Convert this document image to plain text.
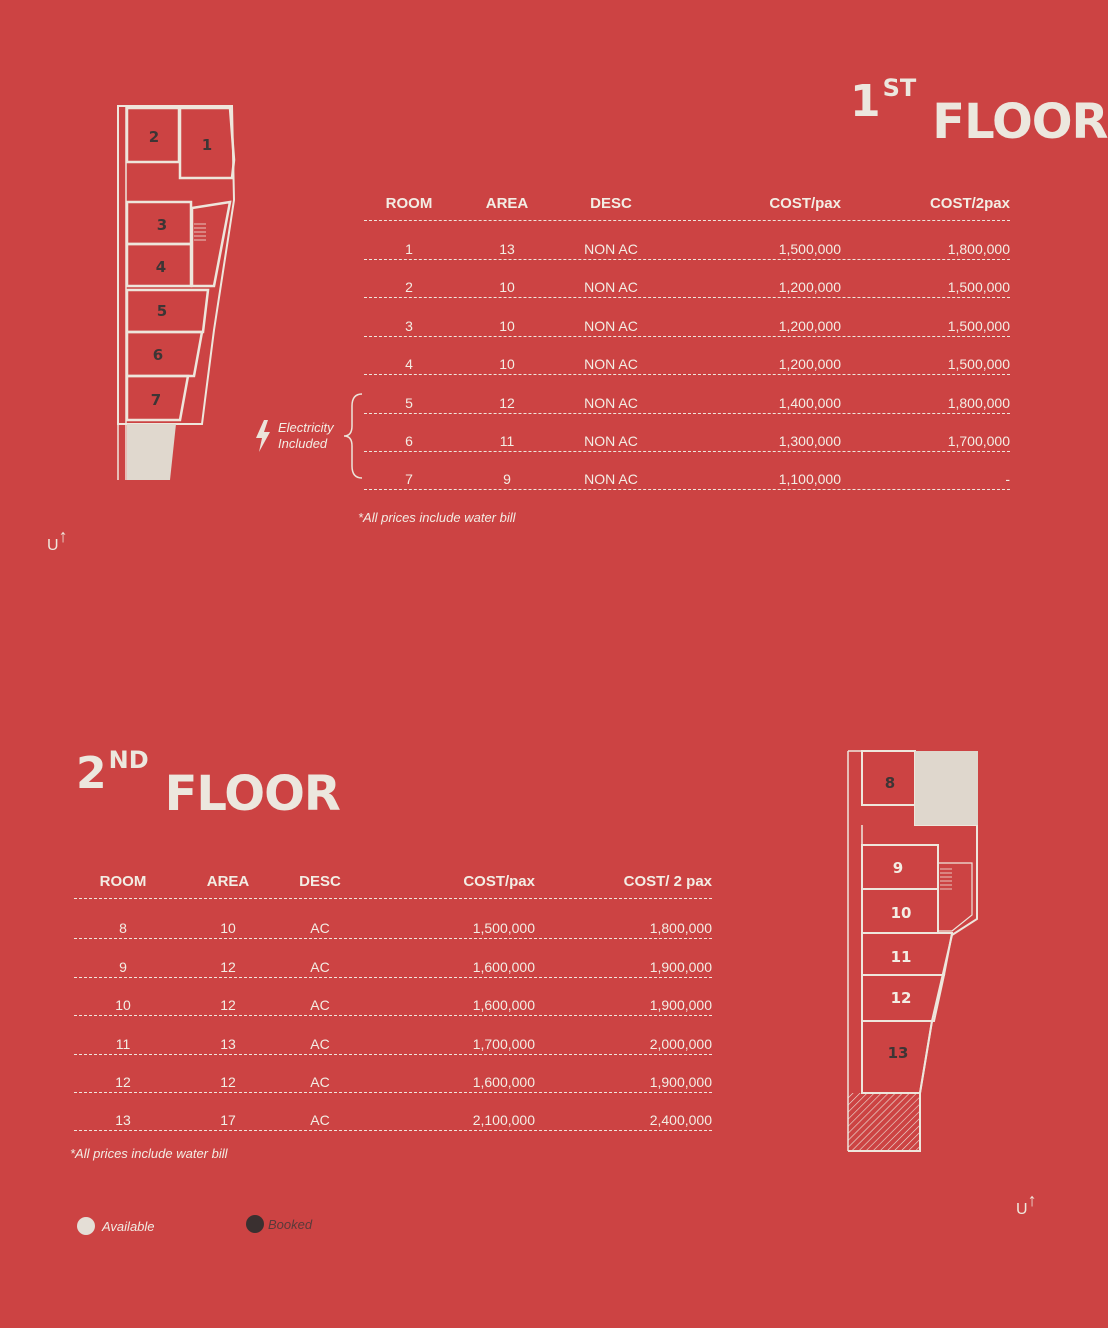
1 ST
FLOOR
2	1
3
4
5
6
7
U↑
Electricity
Included
ROOM	AREA	DESC	COST/pax	COST/2pax
1	13	NON AC	1,500,000	1,800,000
2	10	NON AC	1,200,000	1,500,000
3	10	NON AC	1,200,000	1,500,000
4	10	NON AC	1,200,000	1,500,000
5	12	NON AC	1,400,000	1,800,000
6	11	NON AC	1,300,000	1,700,000
7	9	NON AC	1,100,000	-
*All prices include water bill
2 ND
FLOOR
ROOM	AREA	DESC	COST/pax	COST/ 2 pax
8	10	AC	1,500,000	1,800,000
9	12	AC	1,600,000	1,900,000
10	12	AC	1,600,000	1,900,000
11	13	AC	1,700,000	2,000,000
12	12	AC	1,600,000	1,900,000
13	17	AC	2,100,000	2,400,000
*All prices include water bill
8
9
10
11
12
13
U↑
Available	Booked
